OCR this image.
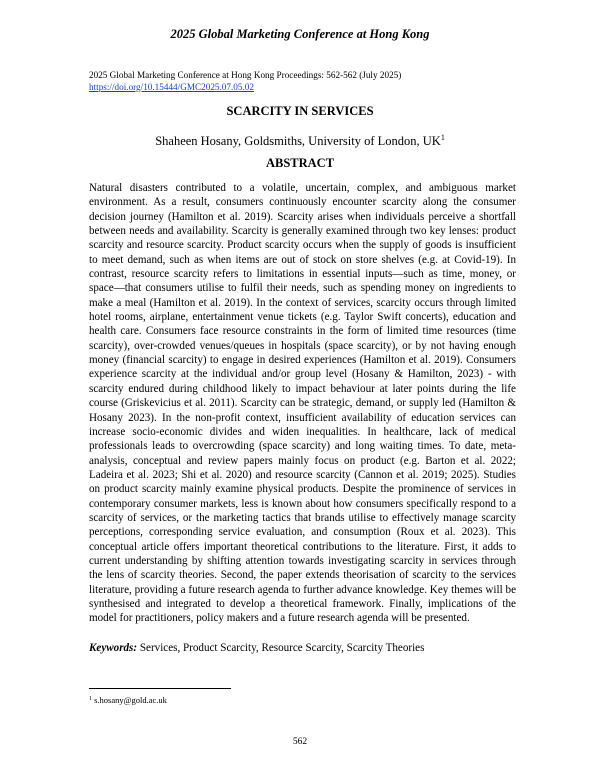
2025 Global Marketing Conference at Hong Kong
2025 Global Marketing Conference at Hong Kong Proceedings: 562-562 (July 2025)
https://doi.org/10.15444/GMC2025.07.05.02
SCARCITY IN SERVICES
Shaheen Hosany, Goldsmiths, University of London, $UK^1$
ABSTRACT
Natural disasters contributed to a volatile, uncertain, complex, and ambiguous market environment. As a result, consumers continuously encounter scarcity along the consumer decision journey (Hamilton et al. 2019). Scarcity arises when individuals perceive a shortfall between needs and availability. Scarcity is generally examined through two key lenses: product scarcity and resource scarcity. Product scarcity occurs when the supply of goods is insufficient to meet demand, such as when items are out of stock on store shelves (e.g. at Covid-19). In contrast, resource scarcity refers to limitations in essential inputs—such as time, money, or space—that consumers utilise to fulfil their needs, such as spending money on ingredients to make a meal (Hamilton et al. 2019). In the context of services, scarcity occurs through limited hotel rooms, airplane, entertainment venue tickets (e.g. Taylor Swift concerts), education and health care. Consumers face resource constraints in the form of limited time resources (time scarcity), over-crowded venues/queues in hospitals (space scarcity), or by not having enough money (financial scarcity) to engage in desired experiences (Hamilton et al. 2019). Consumers experience scarcity at the individual and/or group level (Hosany & Hamilton, 2023) - with scarcity endured during childhood likely to impact behaviour at later points during the life course (Griskevicius et al. 2011). Scarcity can be strategic, demand, or supply led (Hamilton & Hosany 2023). In the non-profit context, insufficient availability of education services can increase socio-economic divides and widen inequalities. In healthcare, lack of medical professionals leads to overcrowding (space scarcity) and long waiting times. To date, meta-analysis, conceptual and review papers mainly focus on product (e.g. Barton et al. 2022; Ladeira et al. 2023; Shi et al. 2020) and resource scarcity (Cannon et al. 2019; 2025). Studies on product scarcity mainly examine physical products. Despite the prominence of services in contemporary consumer markets, less is known about how consumers specifically respond to a scarcity of services, or the marketing tactics that brands utilise to effectively manage scarcity perceptions, corresponding service evaluation, and consumption (Roux et al. 2023). This conceptual article offers important theoretical contributions to the literature. First, it adds to current understanding by shifting attention towards investigating scarcity in services through the lens of scarcity theories. Second, the paper extends theorisation of scarcity to the services literature, providing a future research agenda to further advance knowledge. Key themes will be synthesised and integrated to develop a theoretical framework. Finally, implications of the model for practitioners, policy makers and a future research agenda will be presented.
Keywords: Services, Product Scarcity, Resource Scarcity, Scarcity Theories
$^1$ s.hosany@gold.ac.uk
562
